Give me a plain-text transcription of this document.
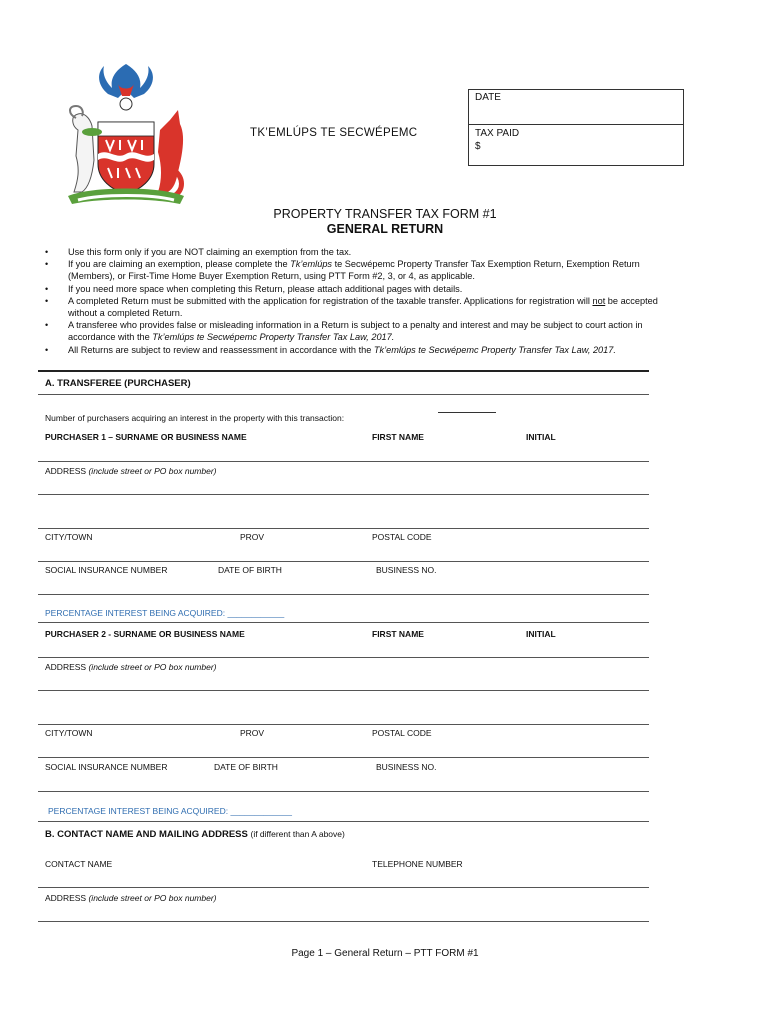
TK’EMLÚPS TE SECWÉPEMC
DATE
TAX PAID
$
PROPERTY TRANSFER TAX FORM #1
GENERAL RETURN
• Use this form only if you are NOT claiming an exemption from the tax.
• If you are claiming an exemption, please complete the Tk’emlúps te Secwépemc Property Transfer Tax Exemption Return, Exemption Return (Members), or First-Time Home Buyer Exemption Return, using PTT Form #2, 3, or 4, as applicable.
• If you need more space when completing this Return, please attach additional pages with details.
• A completed Return must be submitted with the application for registration of the taxable transfer. Applications for registration will not be accepted without a completed Return.
• A transferee who provides false or misleading information in a Return is subject to a penalty and interest and may be subject to court action in accordance with the Tk’emlúps te Secwépemc Property Transfer Tax Law, 2017.
• All Returns are subject to review and reassessment in accordance with the Tk’emlúps te Secwépemc Property Transfer Tax Law, 2017.
A. TRANSFEREE (PURCHASER)
Number of purchasers acquiring an interest in the property with this transaction:
PURCHASER 1 – SURNAME OR BUSINESS NAME	FIRST NAME	INITIAL
ADDRESS (include street or PO box number)
CITY/TOWN	PROV	POSTAL CODE
SOCIAL INSURANCE NUMBER	DATE OF BIRTH	BUSINESS NO.
PERCENTAGE INTEREST BEING ACQUIRED: ____________
PURCHASER 2 - SURNAME OR BUSINESS NAME	FIRST NAME	INITIAL
ADDRESS (include street or PO box number)
CITY/TOWN	PROV	POSTAL CODE
SOCIAL INSURANCE NUMBER	DATE OF BIRTH	BUSINESS NO.
PERCENTAGE INTEREST BEING ACQUIRED: _____________
B. CONTACT NAME AND MAILING ADDRESS (if different than A above)
CONTACT NAME	TELEPHONE NUMBER
ADDRESS (include street or PO box number)
Page 1 – General Return – PTT FORM #1
